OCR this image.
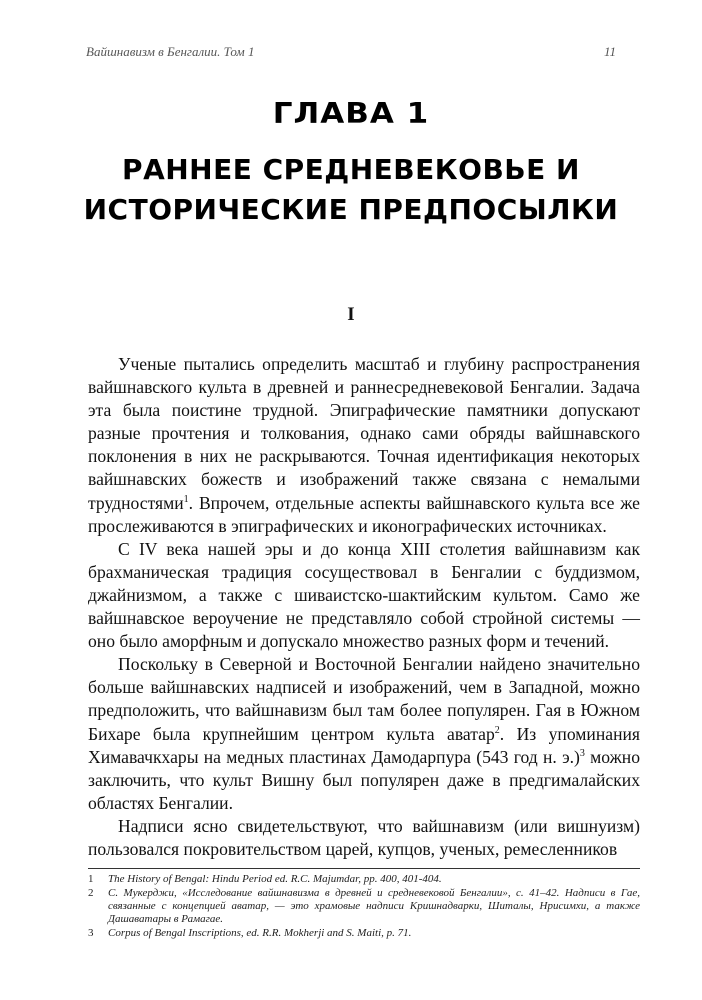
Вайшнавизм в Бенгалии. Том 1	11
ГЛАВА 1
РАННЕЕ СРЕДНЕВЕКОВЬЕ И ИСТОРИЧЕСКИЕ ПРЕДПОСЫЛКИ
I

Ученые пытались определить масштаб и глубину распространения вайшнавского культа в древней и раннесредневековой Бенгалии. Задача эта была поистине трудной. Эпиграфические памятники допускают разные прочтения и толкования, однако сами обряды вайшнавского поклонения в них не раскрываются. Точная идентификация некоторых вайшнавских божеств и изображений также связана с немалыми трудностями$^1$. Впрочем, отдельные аспекты вайшнавского культа все же прослеживаются в эпиграфических и иконографических источниках.

С IV века нашей эры и до конца XIII столетия вайшнавизм как брахманическая традиция сосуществовал в Бенгалии с буддизмом, джайнизмом, а также с шиваистско-шактийским культом. Само же вайшнавское вероучение не представляло собой стройной системы — оно было аморфным и допускало множество разных форм и течений.

Поскольку в Северной и Восточной Бенгалии найдено значительно больше вайшнавских надписей и изображений, чем в Западной, можно предположить, что вайшнавизм был там более популярен. Гая в Южном Бихаре была крупнейшим центром культа аватар$^2$. Из упоминания Химавачкхары на медных пластинах Дамодарпура (543 год н. э.)$^3$ можно заключить, что культ Вишну был популярен даже в предгималайских областях Бенгалии.

Надписи ясно свидетельствуют, что вайшнавизм (или вишнуизм) пользовался покровительством царей, купцов, ученых, ремесленников

1	The History of Bengal: Hindu Period ed. R.C. Majumdar, pp. 400, 401-404.
2	С. Мукерджи, «Исследование вайшнавизма в древней и средневековой Бенгалии», с. 41–42. Надписи в Гае, связанные с концепцией аватар, — это храмовые надписи Кришнадварки, Шиталы, Нрисимхи, а также Дашаватары в Рамагае.
3	Corpus of Bengal Inscriptions, ed. R.R. Mokherji and S. Maiti, p. 71.
